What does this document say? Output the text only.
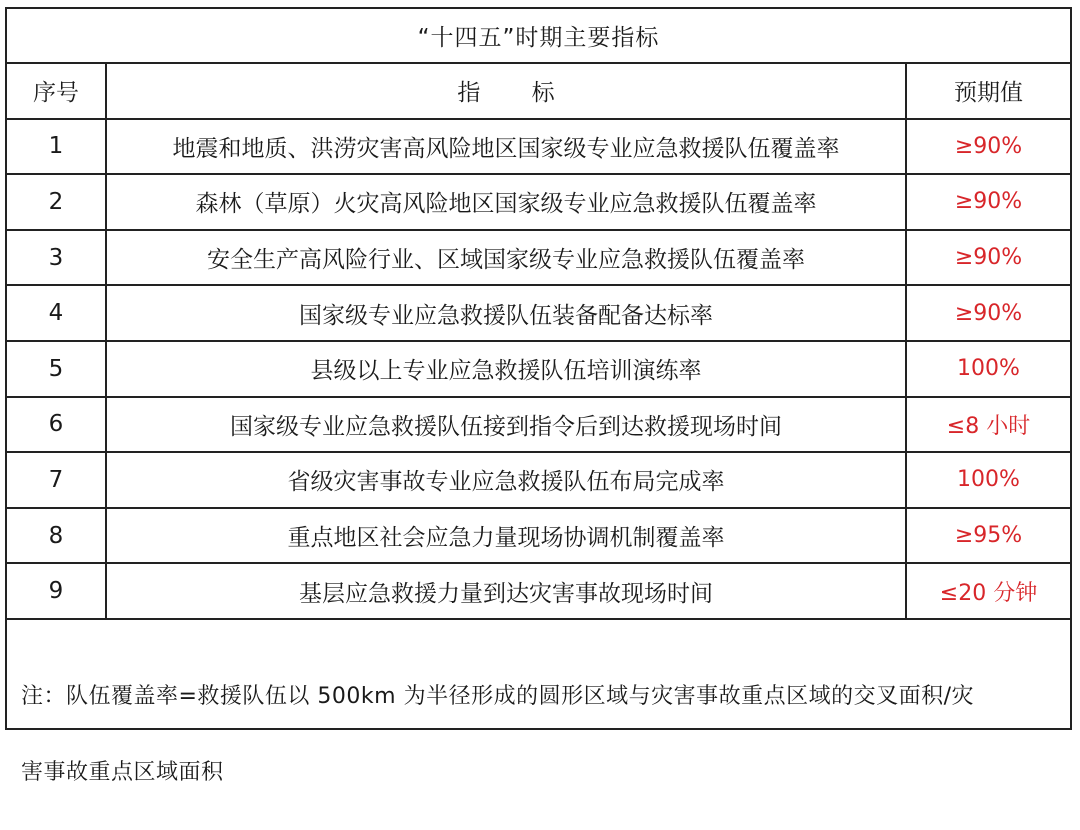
“十四五”时期主要指标
序号	指 标	预期值
1	地震和地质、洪涝灾害高风险地区国家级专业应急救援队伍覆盖率	≥90%
2	森林（草原）火灾高风险地区国家级专业应急救援队伍覆盖率	≥90%
3	安全生产高风险行业、区域国家级专业应急救援队伍覆盖率	≥90%
4	国家级专业应急救援队伍装备配备达标率	≥90%
5	县级以上专业应急救援队伍培训演练率	100%
6	国家级专业应急救援队伍接到指令后到达救援现场时间	≤8 小时
7	省级灾害事故专业应急救援队伍布局完成率	100%
8	重点地区社会应急力量现场协调机制覆盖率	≥95%
9	基层应急救援力量到达灾害事故现场时间	≤20 分钟

注：队伍覆盖率=救援队伍以 500km 为半径形成的圆形区域与灾害事故重点区域的交叉面积/灾

害事故重点区域面积
